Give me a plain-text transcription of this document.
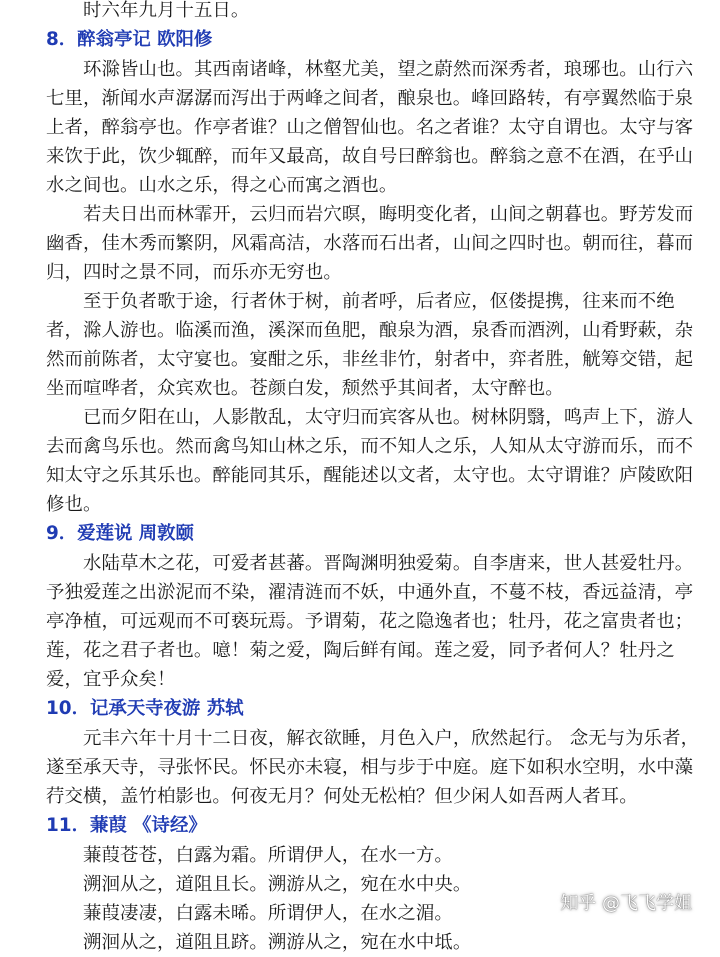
时六年九月十五日。
8．醉翁亭记 欧阳修
环滁皆山也。其西南诸峰，林壑尤美，望之蔚然而深秀者，琅琊也。山行六
七里，渐闻水声潺潺而泻出于两峰之间者，酿泉也。峰回路转，有亭翼然临于泉
上者，醉翁亭也。作亭者谁？山之僧智仙也。名之者谁？太守自谓也。太守与客
来饮于此，饮少辄醉，而年又最高，故自号曰醉翁也。醉翁之意不在酒，在乎山
水之间也。山水之乐，得之心而寓之酒也。
若夫日出而林霏开，云归而岩穴暝，晦明变化者，山间之朝暮也。野芳发而
幽香，佳木秀而繁阴，风霜高洁，水落而石出者，山间之四时也。朝而往，暮而
归，四时之景不同，而乐亦无穷也。
至于负者歌于途，行者休于树，前者呼，后者应，伛偻提携，往来而不绝
者，滁人游也。临溪而渔，溪深而鱼肥，酿泉为酒，泉香而酒洌，山肴野蔌，杂
然而前陈者，太守宴也。宴酣之乐，非丝非竹，射者中，弈者胜，觥筹交错，起
坐而喧哗者，众宾欢也。苍颜白发，颓然乎其间者，太守醉也。
已而夕阳在山，人影散乱，太守归而宾客从也。树林阴翳，鸣声上下，游人
去而禽鸟乐也。然而禽鸟知山林之乐，而不知人之乐，人知从太守游而乐，而不
知太守之乐其乐也。醉能同其乐，醒能述以文者，太守也。太守谓谁？庐陵欧阳
修也。
9．爱莲说 周敦颐
水陆草木之花，可爱者甚蕃。晋陶渊明独爱菊。自李唐来，世人甚爱牡丹。
予独爱莲之出淤泥而不染，濯清涟而不妖，中通外直，不蔓不枝，香远益清，亭
亭净植，可远观而不可亵玩焉。予谓菊，花之隐逸者也；牡丹，花之富贵者也；
莲，花之君子者也。噫！菊之爱，陶后鲜有闻。莲之爱，同予者何人？牡丹之
爱，宜乎众矣！
10．记承天寺夜游 苏轼
元丰六年十月十二日夜，解衣欲睡，月色入户，欣然起行。 念无与为乐者，
遂至承天寺，寻张怀民。怀民亦未寝，相与步于中庭。庭下如积水空明，水中藻
荇交横，盖竹柏影也。何夜无月？何处无松柏？但少闲人如吾两人者耳。
11．蒹葭 《诗经》
蒹葭苍苍，白露为霜。所谓伊人，在水一方。
溯洄从之，道阻且长。溯游从之，宛在水中央。
蒹葭凄凄，白露未晞。所谓伊人，在水之湄。
溯洄从之，道阻且跻。溯游从之，宛在水中坻。
知乎 @飞飞学姐
